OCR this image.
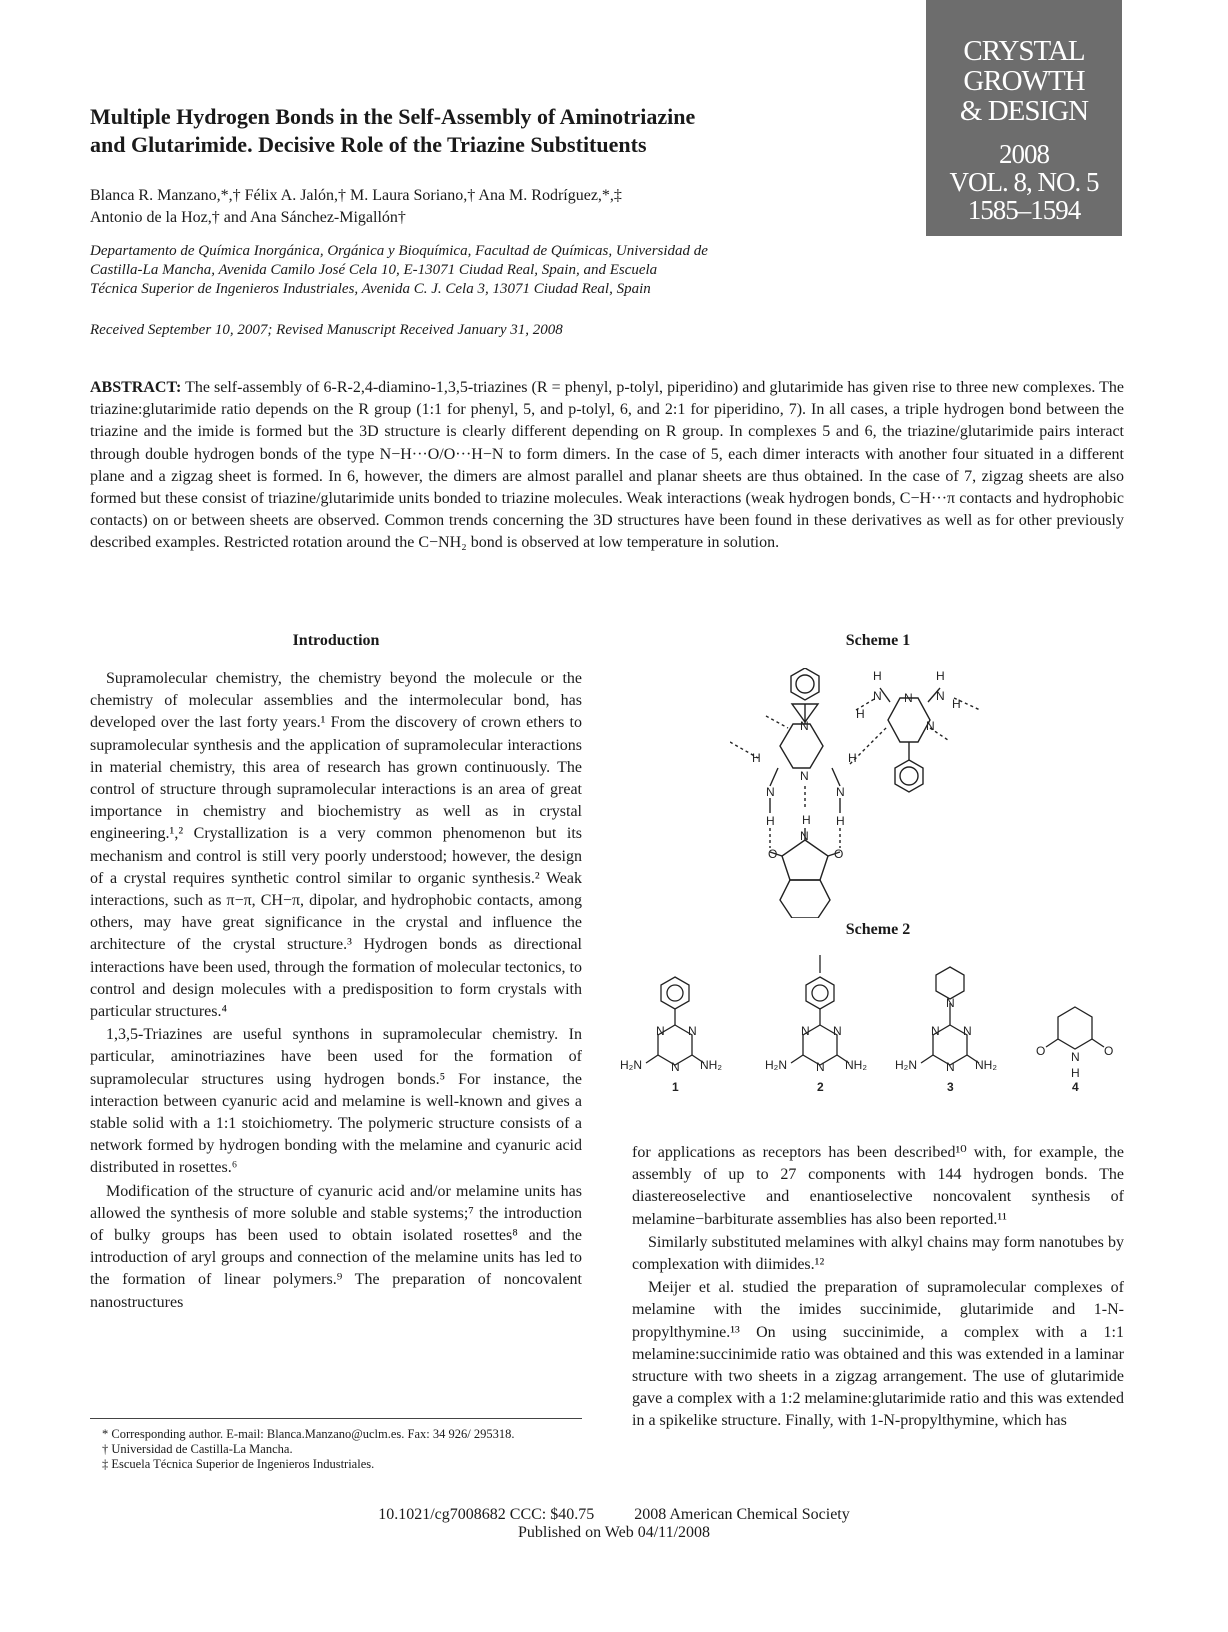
CRYSTAL
GROWTH
& DESIGN
2008
VOL. 8, NO. 5
1585–1594
Multiple Hydrogen Bonds in the Self-Assembly of Aminotriazine
and Glutarimide. Decisive Role of the Triazine Substituents
Blanca R. Manzano,*,† Félix A. Jalón,† M. Laura Soriano,† Ana M. Rodríguez,*,‡
Antonio de la Hoz,† and Ana Sánchez-Migallón†
Departamento de Química Inorgánica, Orgánica y Bioquímica, Facultad de Químicas, Universidad de
Castilla-La Mancha, Avenida Camilo José Cela 10, E-13071 Ciudad Real, Spain, and Escuela
Técnica Superior de Ingenieros Industriales, Avenida C. J. Cela 3, 13071 Ciudad Real, Spain
Received September 10, 2007; Revised Manuscript Received January 31, 2008

ABSTRACT: The self-assembly of 6-R-2,4-diamino-1,3,5-triazines (R = phenyl, p-tolyl, piperidino) and glutarimide has given rise to three new complexes. The triazine:glutarimide ratio depends on the R group (1:1 for phenyl, 5, and p-tolyl, 6, and 2:1 for piperidino, 7). In all cases, a triple hydrogen bond between the triazine and the imide is formed but the 3D structure is clearly different depending on R group. In complexes 5 and 6, the triazine/glutarimide pairs interact through double hydrogen bonds of the type N−H···O/O···H−N to form dimers. In the case of 5, each dimer interacts with another four situated in a different plane and a zigzag sheet is formed. In 6, however, the dimers are almost parallel and planar sheets are thus obtained. In the case of 7, zigzag sheets are also formed but these consist of triazine/glutarimide units bonded to triazine molecules. Weak interactions (weak hydrogen bonds, C−H···π contacts and hydrophobic contacts) on or between sheets are observed. Common trends concerning the 3D structures have been found in these derivatives as well as for other previously described examples. Restricted rotation around the C−NH₂ bond is observed at low temperature in solution.

Introduction

Supramolecular chemistry, the chemistry beyond the molecule or the chemistry of molecular assemblies and the intermolecular bond, has developed over the last forty years.¹ From the discovery of crown ethers to supramolecular synthesis and the application of supramolecular interactions in material chemistry, this area of research has grown continuously. The control of structure through supramolecular interactions is an area of great importance in chemistry and biochemistry as well as in crystal engineering.¹,² Crystallization is a very common phenomenon but its mechanism and control is still very poorly understood; however, the design of a crystal requires synthetic control similar to organic synthesis.² Weak interactions, such as π−π, CH−π, dipolar, and hydrophobic contacts, among others, may have great significance in the crystal and influence the architecture of the crystal structure.³ Hydrogen bonds as directional interactions have been used, through the formation of molecular tectonics, to control and design molecules with a predisposition to form crystals with particular structures.⁴

1,3,5-Triazines are useful synthons in supramolecular chemistry. In particular, aminotriazines have been used for the formation of supramolecular structures using hydrogen bonds.⁵ For instance, the interaction between cyanuric acid and melamine is well-known and gives a stable solid with a 1:1 stoichiometry. The polymeric structure consists of a network formed by hydrogen bonding with the melamine and cyanuric acid distributed in rosettes.⁶

Modification of the structure of cyanuric acid and/or melamine units has allowed the synthesis of more soluble and stable systems;⁷ the introduction of bulky groups has been used to obtain isolated rosettes⁸ and the introduction of aryl groups and connection of the melamine units has led to the formation of linear polymers.⁹ The preparation of noncovalent nanostructures

* Corresponding author. E-mail: Blanca.Manzano@uclm.es. Fax: 34 926/ 295318.
† Universidad de Castilla-La Mancha.
‡ Escuela Técnica Superior de Ingenieros Industriales.
Scheme 1
N
N
N	N
H	H
H
N
O	O
H	H
H
N
H
N
N
N
H
H
Scheme 2
N N
N
H₂N	NH₂
1
N N
N
H₂N	NH₂
2
N
N N
N
H₂N	NH₂
3
O	O
N
H
4

for applications as receptors has been described¹⁰ with, for example, the assembly of up to 27 components with 144 hydrogen bonds. The diastereoselective and enantioselective noncovalent synthesis of melamine−barbiturate assemblies has also been reported.¹¹

Similarly substituted melamines with alkyl chains may form nanotubes by complexation with diimides.¹²

Meijer et al. studied the preparation of supramolecular complexes of melamine with the imides succinimide, glutarimide and 1-N-propylthymine.¹³ On using succinimide, a complex with a 1:1 melamine:succinimide ratio was obtained and this was extended in a laminar structure with two sheets in a zigzag arrangement. The use of glutarimide gave a complex with a 1:2 melamine:glutarimide ratio and this was extended in a spikelike structure. Finally, with 1-N-propylthymine, which has

10.1021/cg7008682 CCC: $40.75	2008 American Chemical Society
Published on Web 04/11/2008
